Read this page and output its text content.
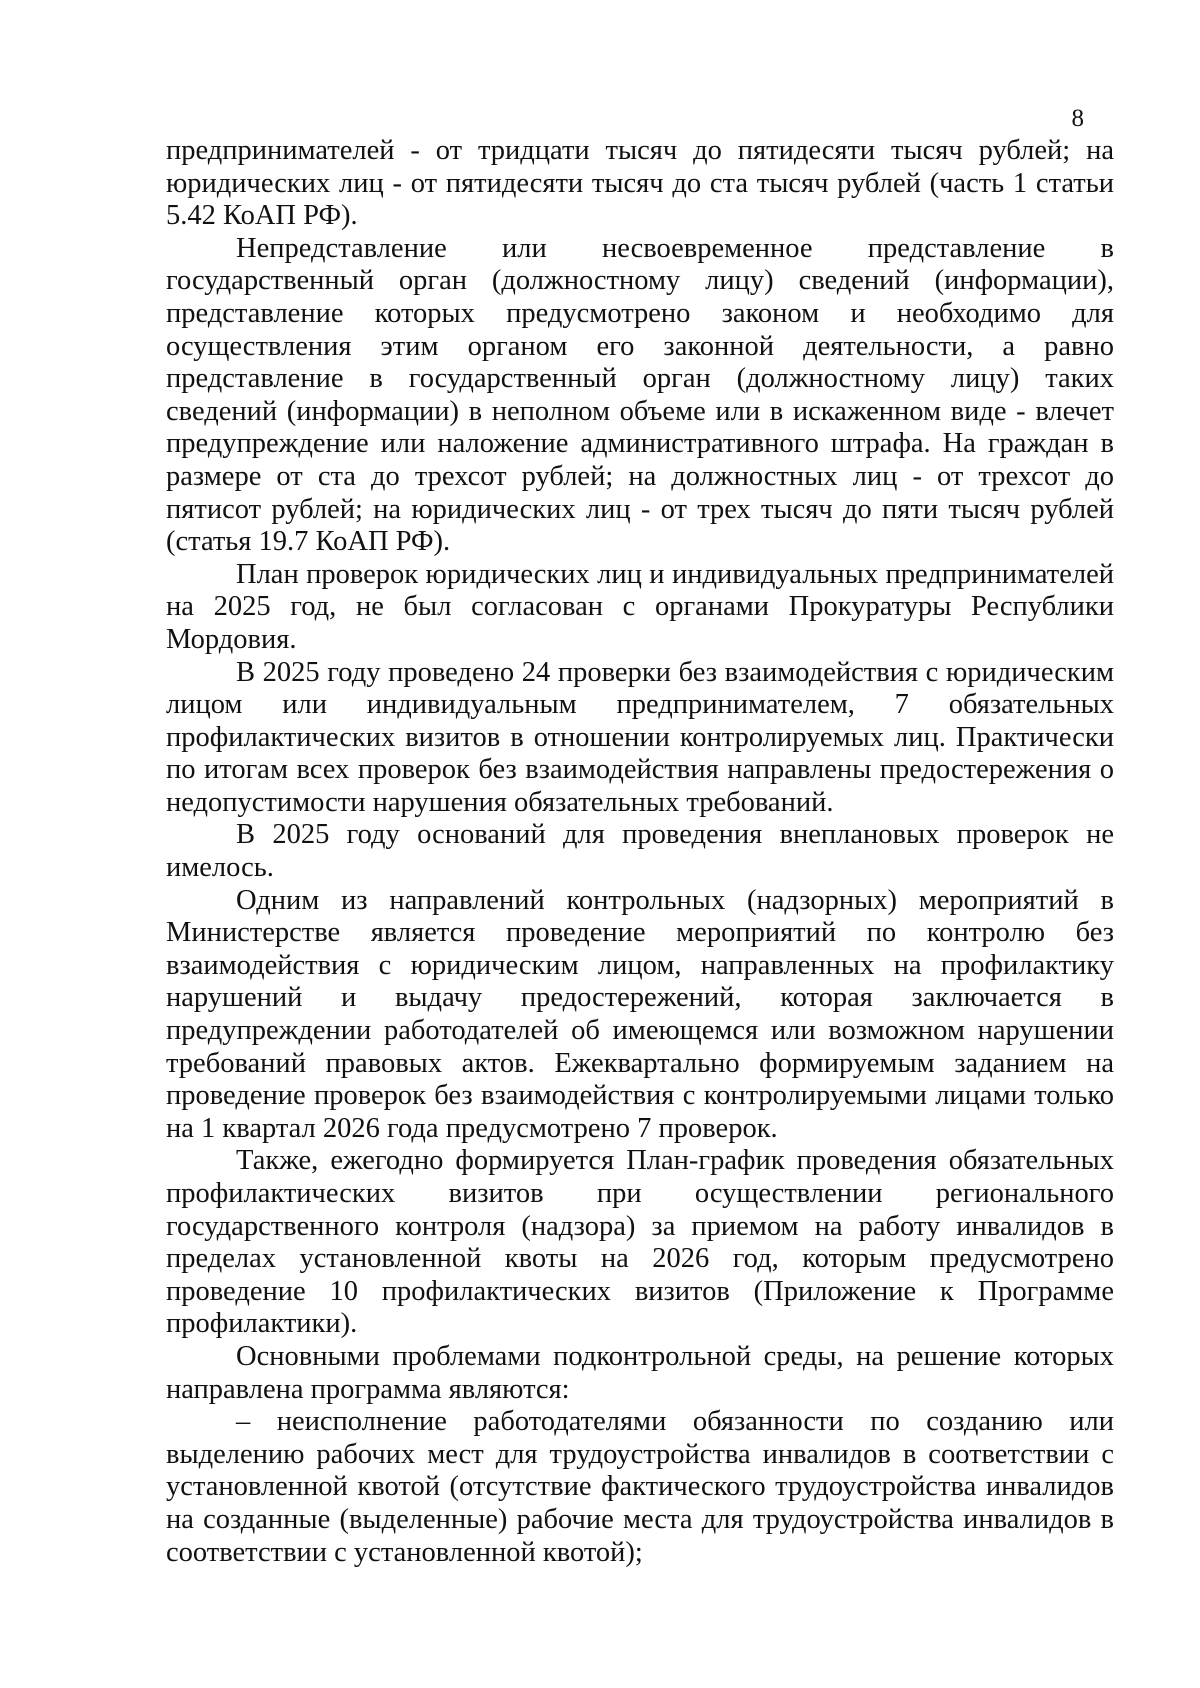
8

предпринимателей - от тридцати тысяч до пятидесяти тысяч рублей; на юридических лиц - от пятидесяти тысяч до ста тысяч рублей (часть 1 статьи 5.42 КоАП РФ).

Непредставление или несвоевременное представление в государственный орган (должностному лицу) сведений (информации), представление которых предусмотрено законом и необходимо для осуществления этим органом его законной деятельности, а равно представление в государственный орган (должностному лицу) таких сведений (информации) в неполном объеме или в искаженном виде - влечет предупреждение или наложение административного штрафа. На граждан в размере от ста до трехсот рублей; на должностных лиц - от трехсот до пятисот рублей; на юридических лиц - от трех тысяч до пяти тысяч рублей (статья 19.7 КоАП РФ).

План проверок юридических лиц и индивидуальных предпринимателей на 2025 год, не был согласован с органами Прокуратуры Республики Мордовия.

В 2025 году проведено 24 проверки без взаимодействия с юридическим лицом или индивидуальным предпринимателем, 7 обязательных профилактических визитов в отношении контролируемых лиц. Практически по итогам всех проверок без взаимодействия направлены предостережения о недопустимости нарушения обязательных требований.

В 2025 году оснований для проведения внеплановых проверок не имелось.

Одним из направлений контрольных (надзорных) мероприятий в Министерстве является проведение мероприятий по контролю без взаимодействия с юридическим лицом, направленных на профилактику нарушений и выдачу предостережений, которая заключается в предупреждении работодателей об имеющемся или возможном нарушении требований правовых актов. Ежеквартально формируемым заданием на проведение проверок без взаимодействия с контролируемыми лицами только на 1 квартал 2026 года предусмотрено 7 проверок.

Также, ежегодно формируется План-график проведения обязательных профилактических визитов при осуществлении регионального государственного контроля (надзора) за приемом на работу инвалидов в пределах установленной квоты на 2026 год, которым предусмотрено проведение 10 профилактических визитов (Приложение к Программе профилактики).

Основными проблемами подконтрольной среды, на решение которых направлена программа являются:

– неисполнение работодателями обязанности по созданию или выделению рабочих мест для трудоустройства инвалидов в соответствии с установленной квотой (отсутствие фактического трудоустройства инвалидов на созданные (выделенные) рабочие места для трудоустройства инвалидов в соответствии с установленной квотой);
